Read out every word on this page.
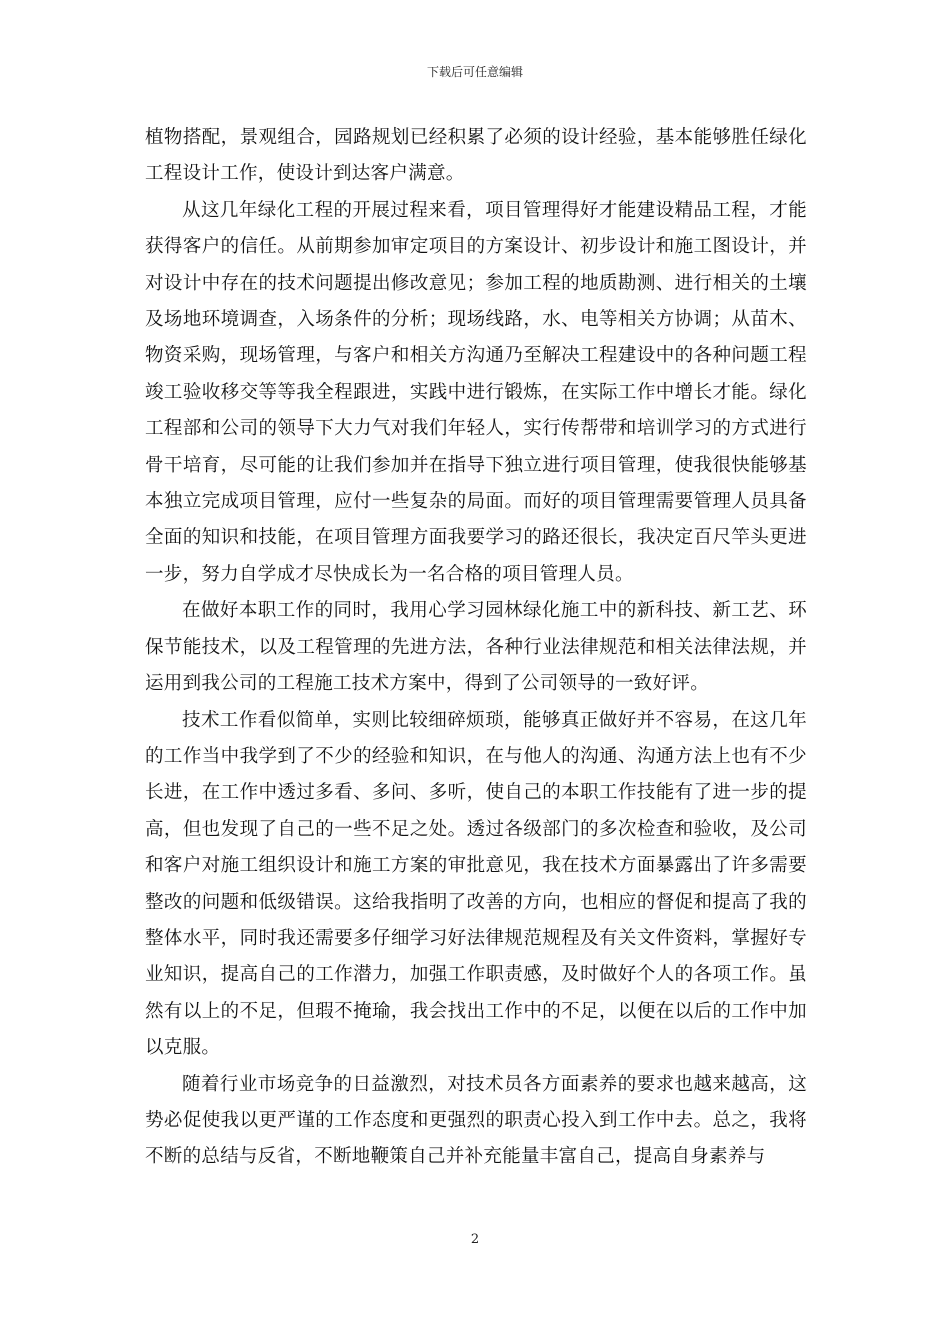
下载后可任意编辑

植物搭配，景观组合，园路规划已经积累了必须的设计经验，基本能够胜任绿化工程设计工作，使设计到达客户满意。

从这几年绿化工程的开展过程来看，项目管理得好才能建设精品工程，才能获得客户的信任。从前期参加审定项目的方案设计、初步设计和施工图设计，并对设计中存在的技术问题提出修改意见；参加工程的地质勘测、进行相关的土壤及场地环境调查，入场条件的分析；现场线路，水、电等相关方协调；从苗木、物资采购，现场管理，与客户和相关方沟通乃至解决工程建设中的各种问题工程竣工验收移交等等我全程跟进，实践中进行锻炼，在实际工作中增长才能。绿化工程部和公司的领导下大力气对我们年轻人，实行传帮带和培训学习的方式进行骨干培育，尽可能的让我们参加并在指导下独立进行项目管理，使我很快能够基本独立完成项目管理，应付一些复杂的局面。而好的项目管理需要管理人员具备全面的知识和技能，在项目管理方面我要学习的路还很长，我决定百尺竿头更进一步，努力自学成才尽快成长为一名合格的项目管理人员。

在做好本职工作的同时，我用心学习园林绿化施工中的新科技、新工艺、环保节能技术，以及工程管理的先进方法，各种行业法律规范和相关法律法规，并运用到我公司的工程施工技术方案中，得到了公司领导的一致好评。

技术工作看似简单，实则比较细碎烦琐，能够真正做好并不容易，在这几年的工作当中我学到了不少的经验和知识，在与他人的沟通、沟通方法上也有不少长进，在工作中透过多看、多问、多听，使自己的本职工作技能有了进一步的提高，但也发现了自己的一些不足之处。透过各级部门的多次检查和验收，及公司和客户对施工组织设计和施工方案的审批意见，我在技术方面暴露出了许多需要整改的问题和低级错误。这给我指明了改善的方向，也相应的督促和提高了我的整体水平，同时我还需要多仔细学习好法律规范规程及有关文件资料，掌握好专业知识，提高自己的工作潜力，加强工作职责感，及时做好个人的各项工作。虽然有以上的不足，但瑕不掩瑜，我会找出工作中的不足，以便在以后的工作中加以克服。

随着行业市场竞争的日益激烈，对技术员各方面素养的要求也越来越高，这势必促使我以更严谨的工作态度和更强烈的职责心投入到工作中去。总之，我将不断的总结与反省，不断地鞭策自己并补充能量丰富自己，提高自身素养与

2
